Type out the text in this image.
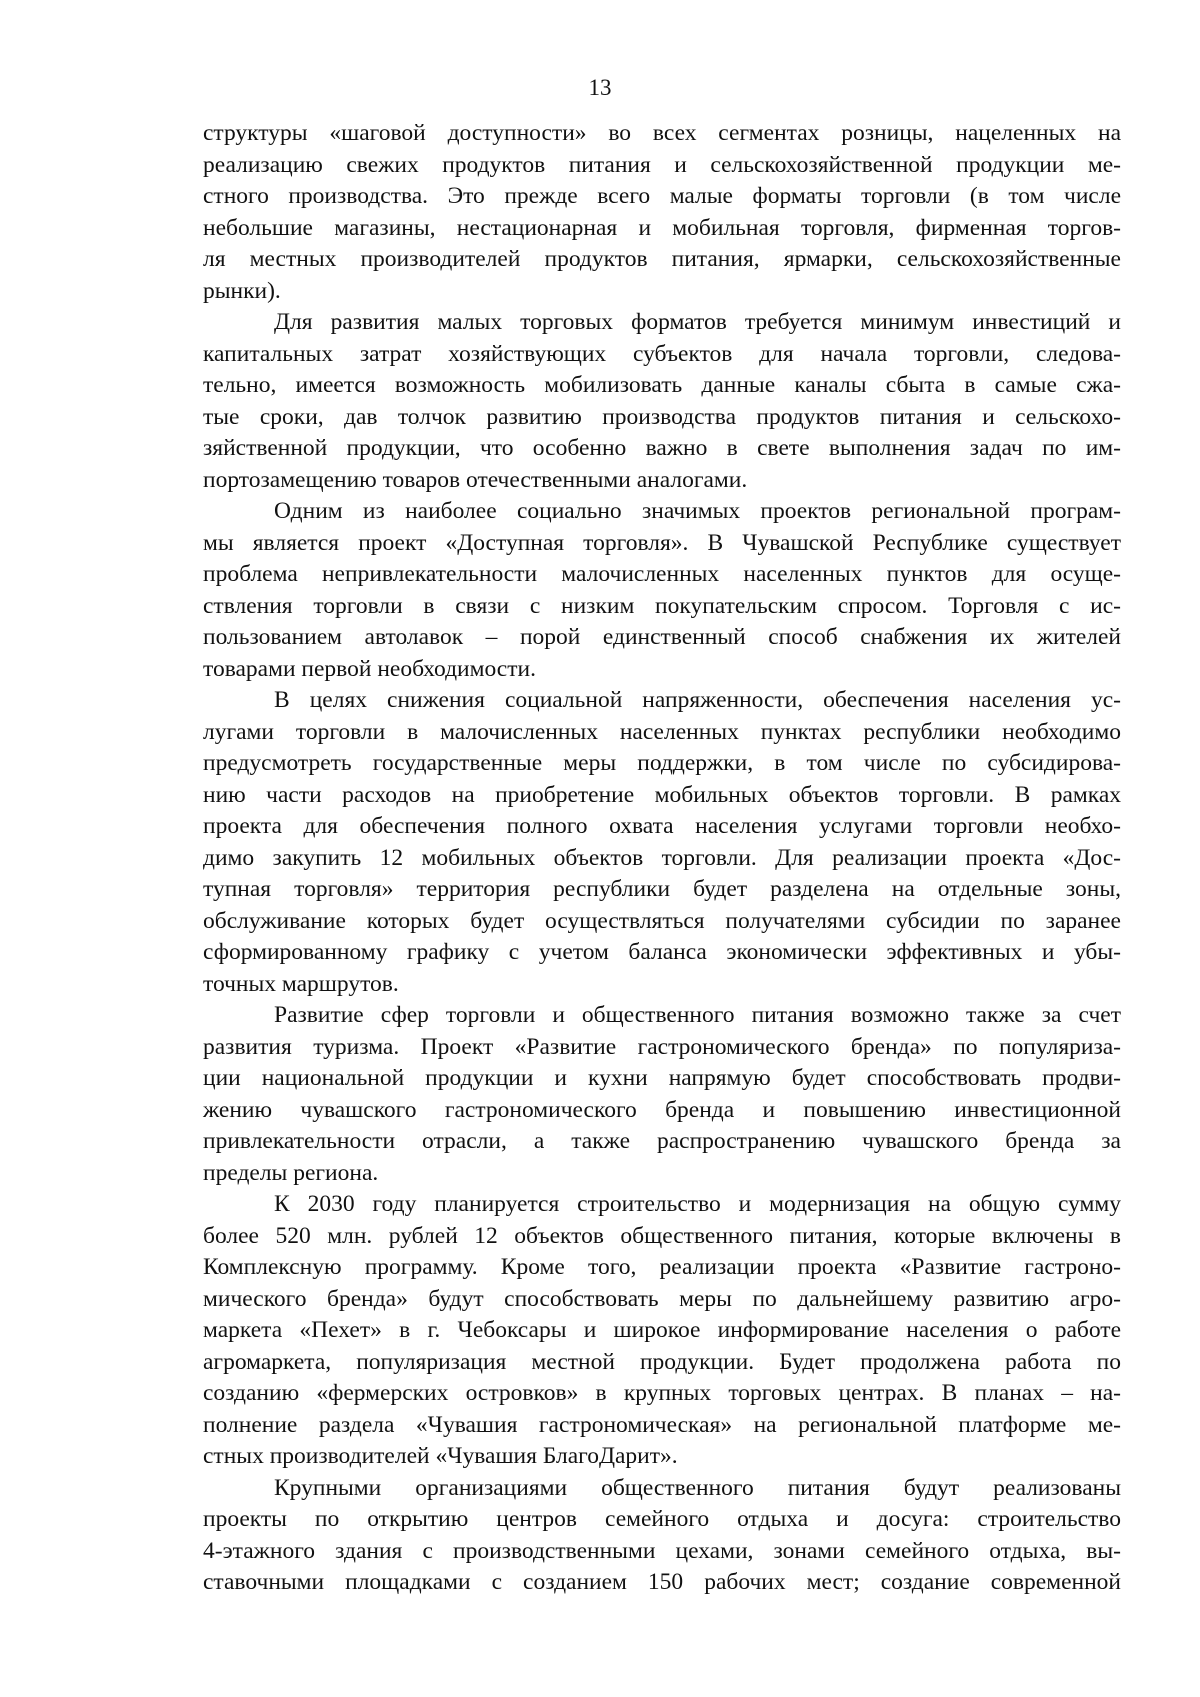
13
структуры «шаговой доступности» во всех сегментах розницы, нацеленных на
реализацию свежих продуктов питания и сельскохозяйственной продукции ме-
стного производства. Это прежде всего малые форматы торговли (в том числе
небольшие магазины, нестационарная и мобильная торговля, фирменная торгов-
ля местных производителей продуктов питания, ярмарки, сельскохозяйственные
рынки).
Для развития малых торговых форматов требуется минимум инвестиций и
капитальных затрат хозяйствующих субъектов для начала торговли, следова-
тельно, имеется возможность мобилизовать данные каналы сбыта в самые сжа-
тые сроки, дав толчок развитию производства продуктов питания и сельскохо-
зяйственной продукции, что особенно важно в свете выполнения задач по им-
портозамещению товаров отечественными аналогами.
Одним из наиболее социально значимых проектов региональной програм-
мы является проект «Доступная торговля». В Чувашской Республике существует
проблема непривлекательности малочисленных населенных пунктов для осуще-
ствления торговли в связи с низким покупательским спросом. Торговля с ис-
пользованием автолавок – порой единственный способ снабжения их жителей
товарами первой необходимости.
В целях снижения социальной напряженности, обеспечения населения ус-
лугами торговли в малочисленных населенных пунктах республики необходимо
предусмотреть государственные меры поддержки, в том числе по субсидирова-
нию части расходов на приобретение мобильных объектов торговли. В рамках
проекта для обеспечения полного охвата населения услугами торговли необхо-
димо закупить 12 мобильных объектов торговли. Для реализации проекта «Дос-
тупная торговля» территория республики будет разделена на отдельные зоны,
обслуживание которых будет осуществляться получателями субсидии по заранее
сформированному графику с учетом баланса экономически эффективных и убы-
точных маршрутов.
Развитие сфер торговли и общественного питания возможно также за счет
развития туризма. Проект «Развитие гастрономического бренда» по популяриза-
ции национальной продукции и кухни напрямую будет способствовать продви-
жению чувашского гастрономического бренда и повышению инвестиционной
привлекательности отрасли, а также распространению чувашского бренда за
пределы региона.
К 2030 году планируется строительство и модернизация на общую сумму
более 520 млн. рублей 12 объектов общественного питания, которые включены в
Комплексную программу. Кроме того, реализации проекта «Развитие гастроно-
мического бренда» будут способствовать меры по дальнейшему развитию агро-
маркета «Пехет» в г. Чебоксары и широкое информирование населения о работе
агромаркета, популяризация местной продукции. Будет продолжена работа по
созданию «фермерских островков» в крупных торговых центрах. В планах – на-
полнение раздела «Чувашия гастрономическая» на региональной платформе ме-
стных производителей «Чувашия БлагоДарит».
Крупными организациями общественного питания будут реализованы
проекты по открытию центров семейного отдыха и досуга: строительство
4-этажного здания с производственными цехами, зонами семейного отдыха, вы-
ставочными площадками с созданием 150 рабочих мест; создание современной
